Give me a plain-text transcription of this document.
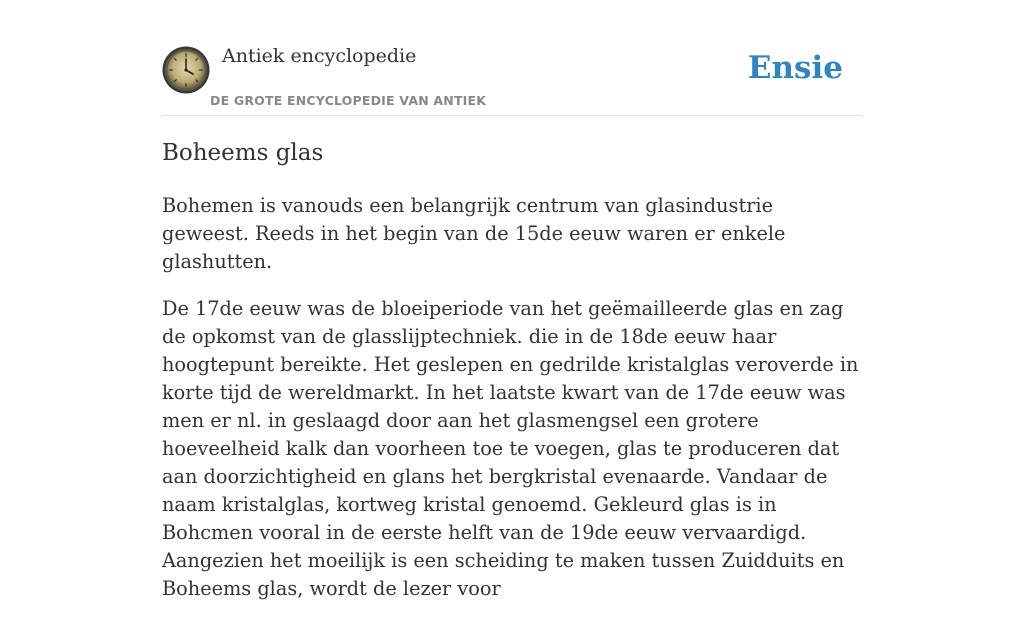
Antiek encyclopedie
DE GROTE ENCYCLOPEDIE VAN ANTIEK
Ensie
Boheems glas

Bohemen is vanouds een belangrijk centrum van glasindustrie geweest. Reeds in het begin van de 15de eeuw waren er enkele glashutten.

De 17de eeuw was de bloeiperiode van het geëmailleerde glas en zag de opkomst van de glasslijptechniek. die in de 18de eeuw haar hoogtepunt bereikte. Het geslepen en gedrilde kristalglas veroverde in korte tijd de wereldmarkt. In het laatste kwart van de 17de eeuw was men er nl. in geslaagd door aan het glasmengsel een grotere hoeveelheid kalk dan voorheen toe te voegen, glas te produceren dat aan doorzichtigheid en glans het bergkristal evenaarde. Vandaar de naam kristalglas, kortweg kristal genoemd. Gekleurd glas is in Bohcmen vooral in de eerste helft van de 19de eeuw vervaardigd. Aangezien het moeilijk is een scheiding te maken tussen Zuidduits en Boheems glas, wordt de lezer voor
